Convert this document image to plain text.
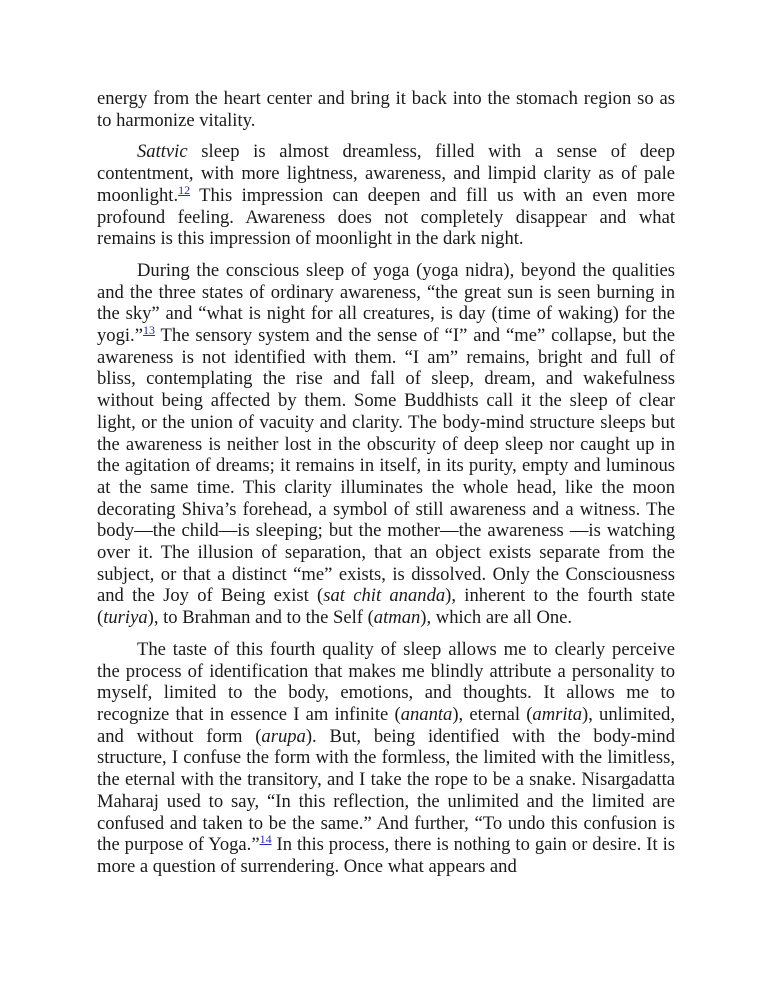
energy from the heart center and bring it back into the stomach region so as to harmonize vitality.

Sattvic sleep is almost dreamless, filled with a sense of deep contentment, with more lightness, awareness, and limpid clarity as of pale moonlight.$^{12}$ This impression can deepen and fill us with an even more profound feeling. Awareness does not completely disappear and what remains is this impression of moonlight in the dark night.

During the conscious sleep of yoga (yoga nidra), beyond the qualities and the three states of ordinary awareness, “the great sun is seen burning in the sky” and “what is night for all creatures, is day (time of waking) for the yogi.”$^{13}$ The sensory system and the sense of “I” and “me” collapse, but the awareness is not identified with them. “I am” remains, bright and full of bliss, contemplating the rise and fall of sleep, dream, and wakefulness without being affected by them. Some Buddhists call it the sleep of clear light, or the union of vacuity and clarity. The body-mind structure sleeps but the awareness is neither lost in the obscurity of deep sleep nor caught up in the agitation of dreams; it remains in itself, in its purity, empty and luminous at the same time. This clarity illuminates the whole head, like the moon decorating Shiva’s forehead, a symbol of still awareness and a witness. The body—the child—is sleeping; but the mother—the awareness —is watching over it. The illusion of separation, that an object exists separate from the subject, or that a distinct “me” exists, is dissolved. Only the Consciousness and the Joy of Being exist (sat chit ananda), inherent to the fourth state (turiya), to Brahman and to the Self (atman), which are all One.

The taste of this fourth quality of sleep allows me to clearly perceive the process of identification that makes me blindly attribute a personality to myself, limited to the body, emotions, and thoughts. It allows me to recognize that in essence I am infinite (ananta), eternal (amrita), unlimited, and without form (arupa). But, being identified with the body-mind structure, I confuse the form with the formless, the limited with the limitless, the eternal with the transitory, and I take the rope to be a snake. Nisargadatta Maharaj used to say, “In this reflection, the unlimited and the limited are confused and taken to be the same.” And further, “To undo this confusion is the purpose of Yoga.”$^{14}$ In this process, there is nothing to gain or desire. It is more a question of surrendering. Once what appears and
